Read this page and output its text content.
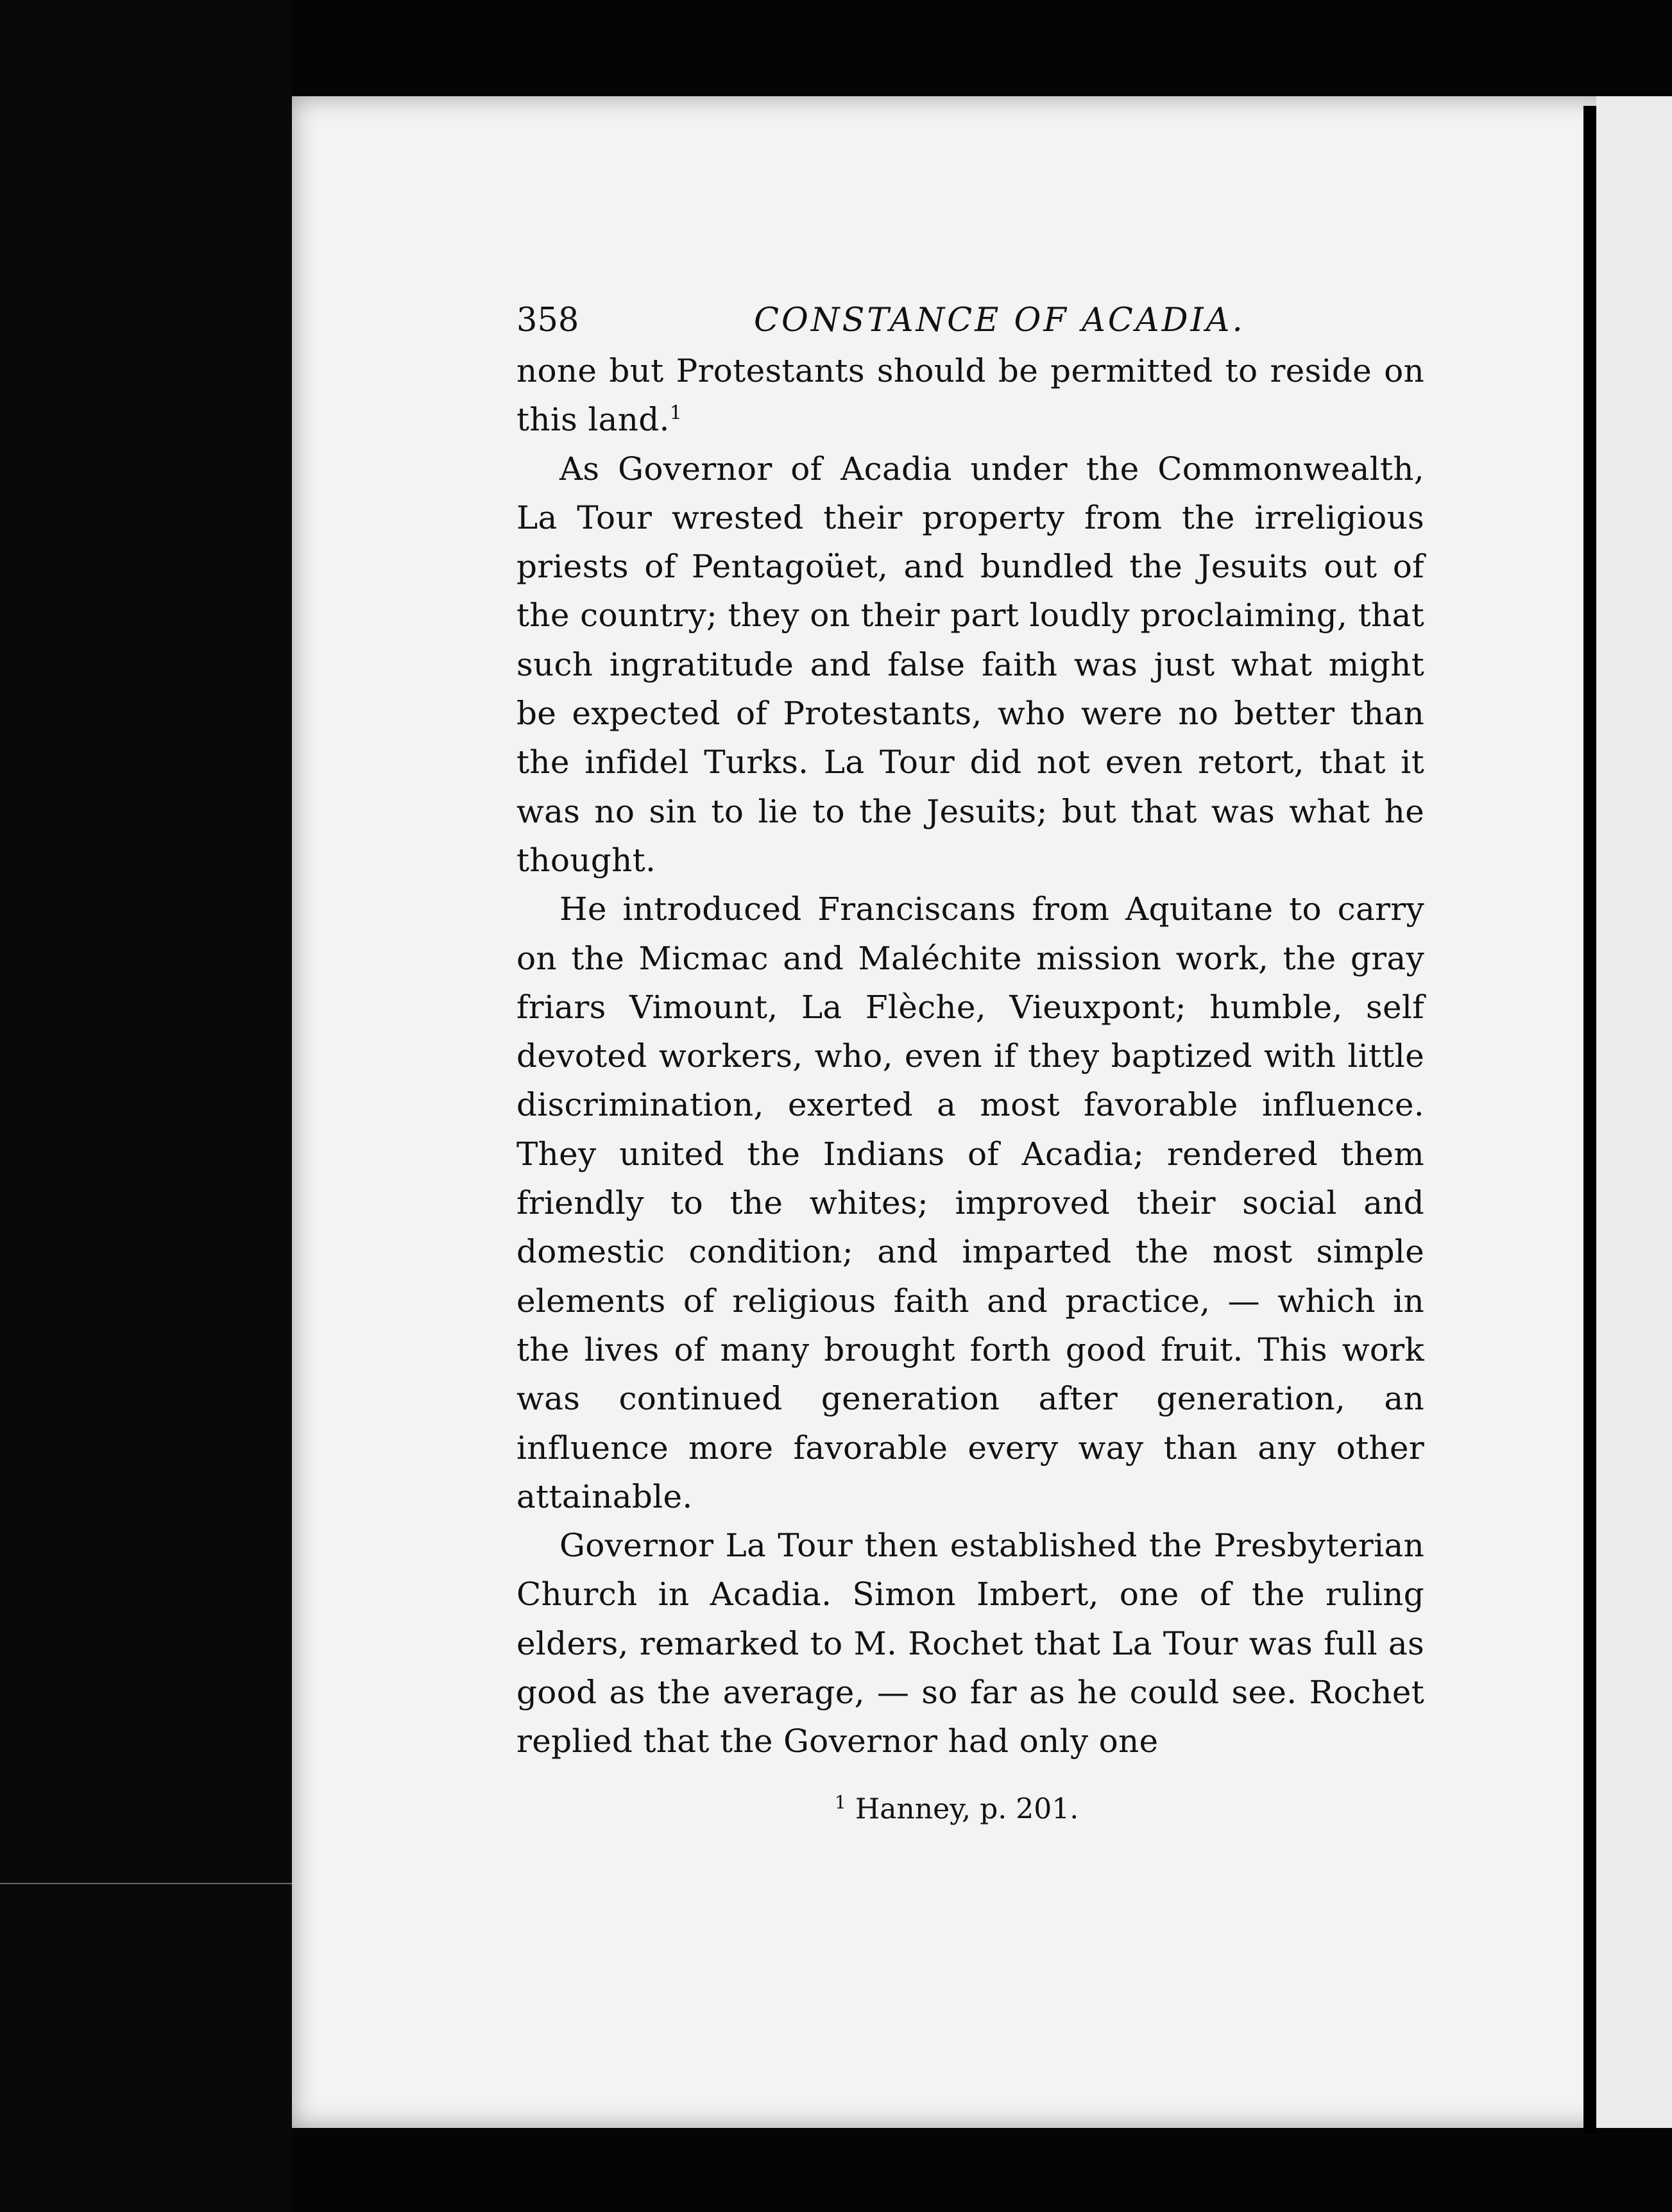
358	CONSTANCE OF ACADIA.

none but Protestants should be permitted to reside on this land.$^1$

As Governor of Acadia under the Commonwealth, La Tour wrested their property from the irreligious priests of Pentagoüet, and bundled the Jesuits out of the country; they on their part loudly proclaiming, that such ingratitude and false faith was just what might be expected of Protestants, who were no better than the infidel Turks. La Tour did not even retort, that it was no sin to lie to the Jesuits; but that was what he thought.

He introduced Franciscans from Aquitane to carry on the Micmac and Maléchite mission work, the gray friars Vimount, La Flèche, Vieuxpont; humble, self devoted workers, who, even if they baptized with little discrimination, exerted a most favorable influence. They united the Indians of Acadia; rendered them friendly to the whites; improved their social and domestic condition; and imparted the most simple elements of religious faith and practice, — which in the lives of many brought forth good fruit. This work was continued generation after generation, an influence more favorable every way than any other attainable.

Governor La Tour then established the Presbyterian Church in Acadia. Simon Imbert, one of the ruling elders, remarked to M. Rochet that La Tour was full as good as the average, — so far as he could see. Rochet replied that the Governor had only one

$^1$ Hanney, p. 201.
